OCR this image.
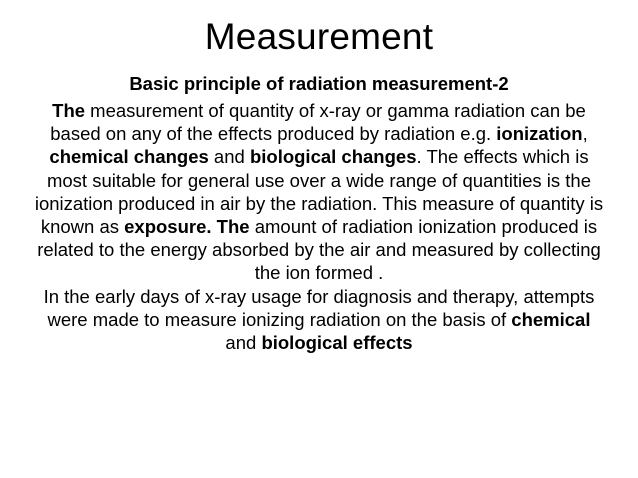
Measurement
Basic principle of radiation measurement-2

The measurement of quantity of x-ray or gamma radiation can be based on any of the effects produced by radiation e.g. ionization, chemical changes and biological changes. The effects which is most suitable for general use over a wide range of quantities is the ionization produced in air by the radiation. This measure of quantity is known as exposure. The amount of radiation ionization produced is related to the energy absorbed by the air and measured by collecting the ion formed .

In the early days of x-ray usage for diagnosis and therapy, attempts were made to measure ionizing radiation on the basis of chemical and biological effects
